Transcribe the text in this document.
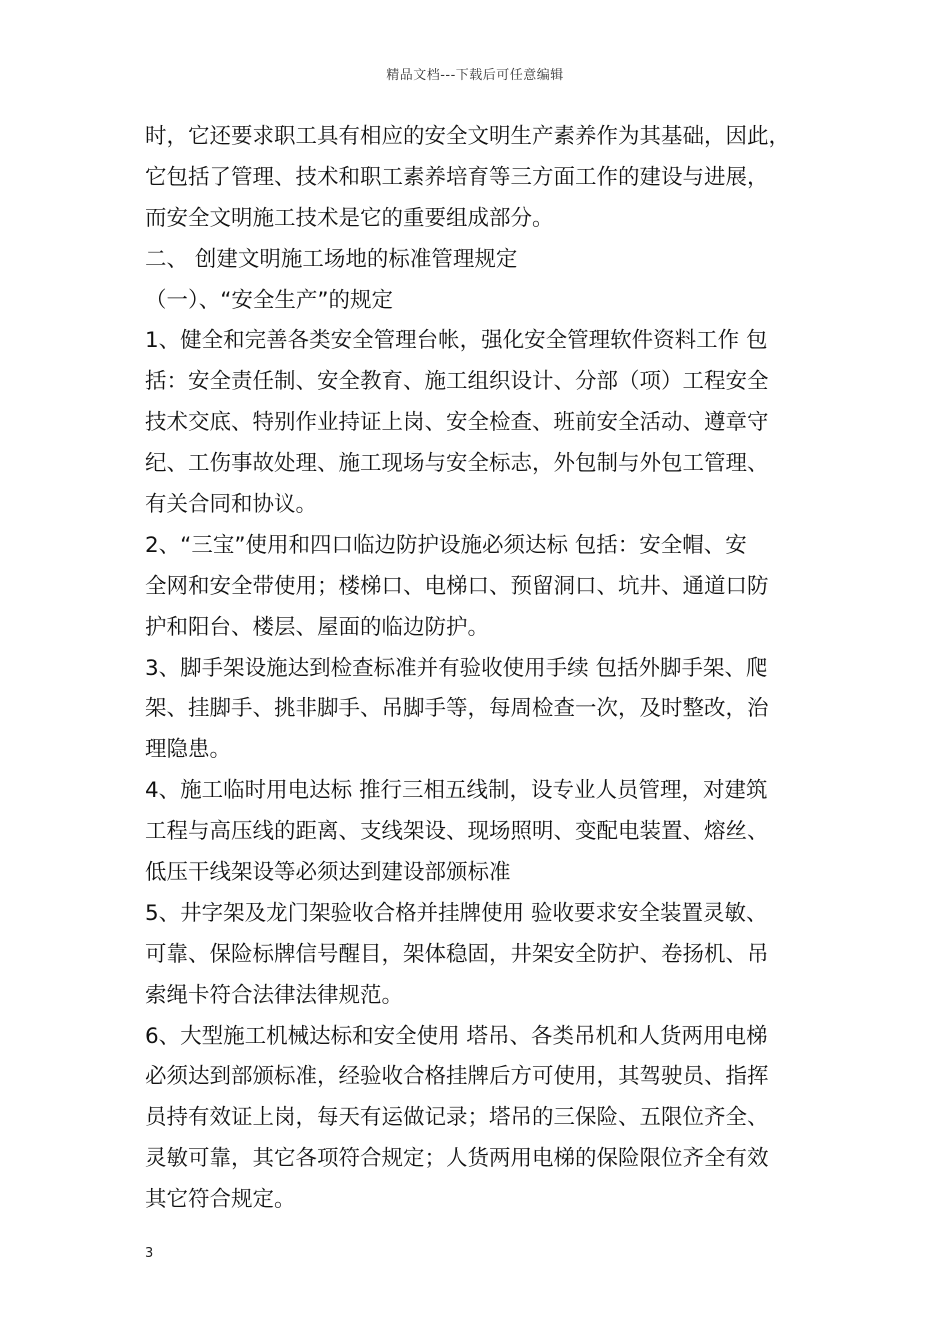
精品文档---下载后可任意编辑
时，它还要求职工具有相应的安全文明生产素养作为其基础，因此，
它包括了管理、技术和职工素养培育等三方面工作的建设与进展，
而安全文明施工技术是它的重要组成部分。
二、 创建文明施工场地的标准管理规定
（一）、“安全生产”的规定
1、健全和完善各类安全管理台帐，强化安全管理软件资料工作 包
括：安全责任制、安全教育、施工组织设计、分部（项）工程安全
技术交底、特别作业持证上岗、安全检查、班前安全活动、遵章守
纪、工伤事故处理、施工现场与安全标志，外包制与外包工管理、
有关合同和协议。
2、“三宝”使用和四口临边防护设施必须达标 包括：安全帽、安
全网和安全带使用；楼梯口、电梯口、预留洞口、坑井、通道口防
护和阳台、楼层、屋面的临边防护。
3、脚手架设施达到检查标准并有验收使用手续 包括外脚手架、爬
架、挂脚手、挑非脚手、吊脚手等，每周检查一次，及时整改，治
理隐患。
4、施工临时用电达标 推行三相五线制，设专业人员管理，对建筑
工程与高压线的距离、支线架设、现场照明、变配电装置、熔丝、
低压干线架设等必须达到建设部颁标准
5、井字架及龙门架验收合格并挂牌使用 验收要求安全装置灵敏、
可靠、保险标牌信号醒目，架体稳固，井架安全防护、卷扬机、吊
索绳卡符合法律法律规范。
6、大型施工机械达标和安全使用 塔吊、各类吊机和人货两用电梯
必须达到部颁标准，经验收合格挂牌后方可使用，其驾驶员、指挥
员持有效证上岗，每天有运做记录；塔吊的三保险、五限位齐全、
灵敏可靠，其它各项符合规定；人货两用电梯的保险限位齐全有效
其它符合规定。
3
